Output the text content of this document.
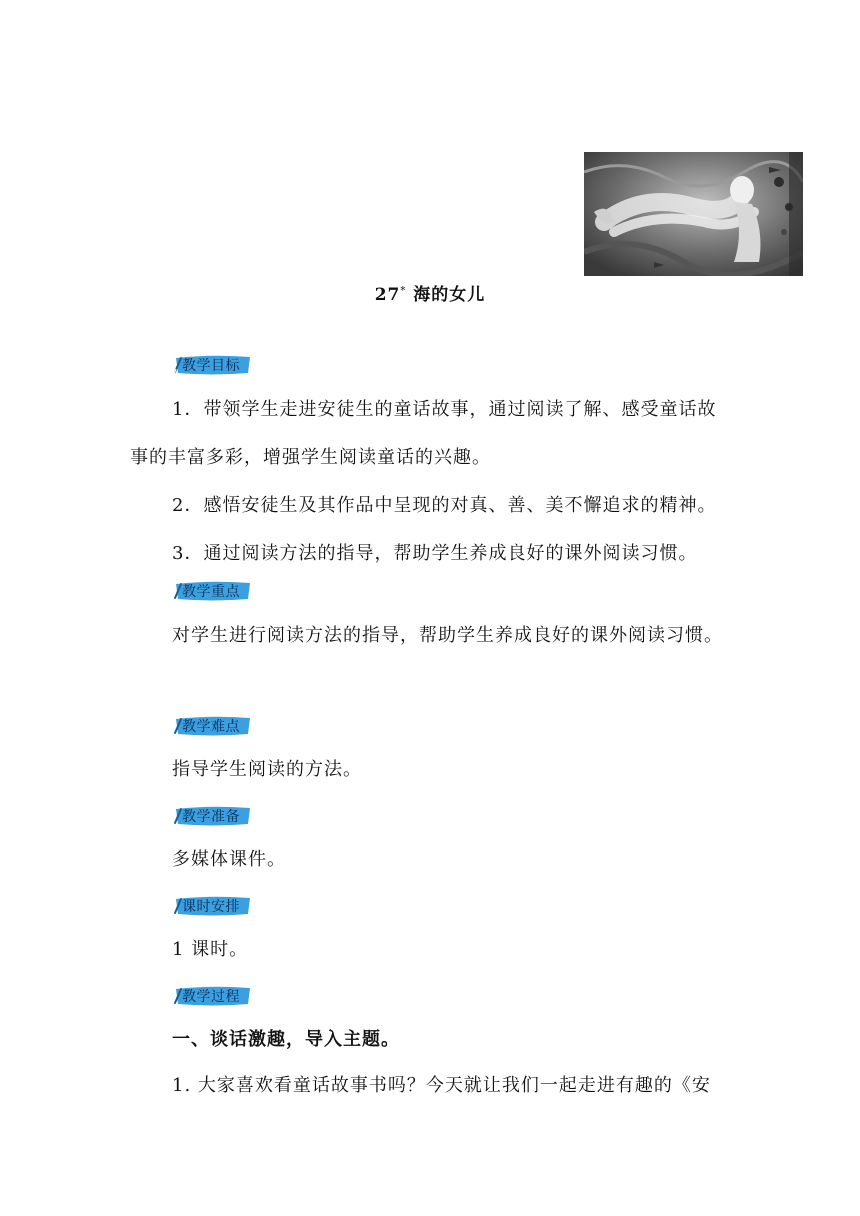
27* 海的女儿
教学目标
1．带领学生走进安徒生的童话故事，通过阅读了解、感受童话故事的丰富多彩，增强学生阅读童话的兴趣。
2．感悟安徒生及其作品中呈现的对真、善、美不懈追求的精神。
3．通过阅读方法的指导，帮助学生养成良好的课外阅读习惯。
教学重点
对学生进行阅读方法的指导，帮助学生养成良好的课外阅读习惯。
教学难点
指导学生阅读的方法。
教学准备
多媒体课件。
课时安排
1 课时。
教学过程
一、谈话激趣，导入主题。
1. 大家喜欢看童话故事书吗？今天就让我们一起走进有趣的《安
